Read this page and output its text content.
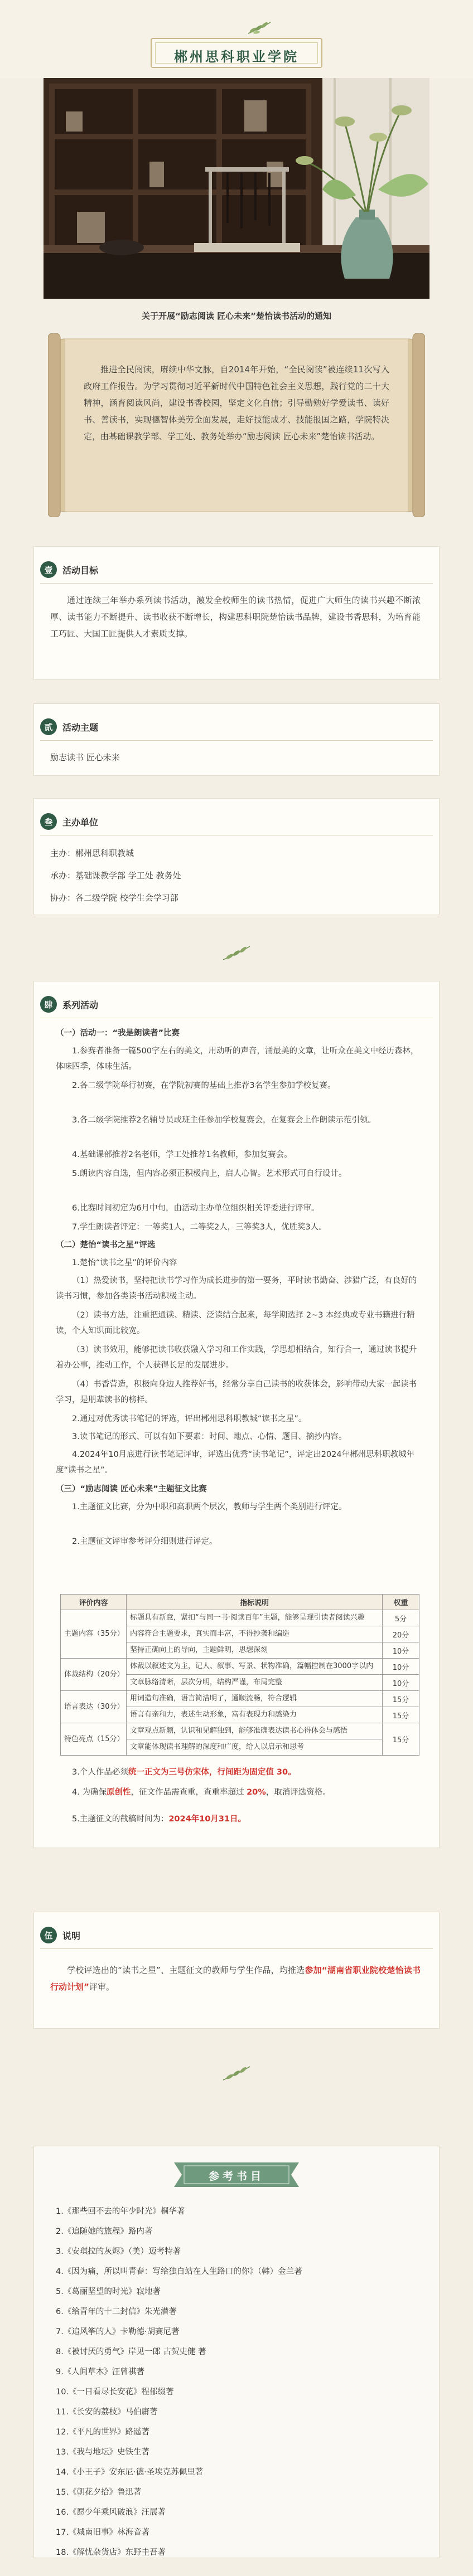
郴州思科职业学院
关于开展“励志阅读 匠心未来”楚怡读书活动的通知
推进全民阅读，赓续中华文脉，自2014年开始，“全民阅读”被连续11次写入政府工作报告。为学习贯彻习近平新时代中国特色社会主义思想，践行党的二十大精神，涵育阅读风尚，建设书香校园，坚定文化自信；引导勤勉好学爱读书、读好书、善读书，实现德智体美劳全面发展，走好技能成才、技能报国之路，学院特决定，由基础课教学部、学工处、教务处举办“励志阅读 匠心未来”楚怡读书活动。
壹	活动目标
通过连续三年举办系列读书活动，激发全校师生的读书热情，促进广大师生的读书兴趣不断浓厚、读书能力不断提升、读书收获不断增长，构建思科职院楚怡读书品牌，建设书香思科，为培育能工巧匠、大国工匠提供人才素质支撑。
贰	活动主题
励志读书 匠心未来
叁	主办单位
主办：郴州思科职教城
承办：基础课教学部 学工处 教务处
协办：各二级学院 校学生会学习部
肆	系列活动
（一）活动一：“我是朗读者”比赛
1.参赛者准备一篇500字左右的美文，用动听的声音，涌最美的文章，让听众在美文中经历森林，体味四季，体味生活。
2.各二级学院举行初赛，在学院初赛的基础上推荐3名学生参加学校复赛。
3.各二级学院推荐2名辅导员或班主任参加学校复赛会，在复赛会上作朗读示范引领。
4.基础课部推荐2名老师，学工处推荐1名教师，参加复赛会。
5.朗读内容自选，但内容必须正积极向上，启人心智。艺术形式可自行设计。
6.比赛时间初定为6月中旬，由活动主办单位组织相关评委进行评审。
7.学生朗读者评定：一等奖1人，二等奖2人，三等奖3人，优胜奖3人。
（二）楚怡“读书之星”评选
1.楚怡“读书之星”的评价内容
（1）热爱读书，坚持把读书学习作为成长进步的第一要务，平时读书勤奋、涉猎广泛，有良好的读书习惯，参加各类读书活动积极主动。
（2）读书方法，注重把通读、精读、泛读结合起来，每学期选择 2~3 本经典或专业书籍进行精读，个人知识面比较宽。
（3）读书效用，能够把读书收获融入学习和工作实践，学思想相结合，知行合一，通过读书提升着办公事，推动工作，个人获得长足的发展进步。
（4）书香营造，积极向身边人推荐好书，经常分享自己读书的收获体会，影响带动大家一起读书学习，是朋辈读书的榜样。
2.通过对优秀读书笔记的评选，评出郴州思科职教城“读书之星”。
3.读书笔记的形式、可以有如下要素：时间、地点、心情、题目、摘抄内容。
4.2024年10月底进行读书笔记评审，评选出优秀“读书笔记”，评定出2024年郴州思科职教城年度“读书之星”。
（三）“励志阅读 匠心未来”主题征文比赛
1.主题征文比赛，分为中职和高职两个层次，教师与学生两个类别进行评定。
2.主题征文评审参考评分细则进行评定。
评价内容	指标说明	权重
主题内容（35分）	标题具有新意，紧扣“与同一书·阅读百年”主题，能够呈现引读者阅读兴趣	5分
	内容符合主题要求，真实而丰富，不得抄袭和编造	20分
	坚持正确向上的导向，主题鲜明，思想深刻	10分
体裁结构（20分）	体裁以叙述文为主，记人、叙事、写景、状物准确，篇幅控制在3000字以内	10分
	文章脉络清晰，层次分明，结构严谨，布局完整	10分
语言表达（30分）	用词造句准确，语言简洁明了，通顺流畅，符合逻辑	15分
	语言有亲和力，表述生动形象，富有表现力和感染力	15分
特色亮点（15分）	文章观点新颖，认识和见解独到，能够准确表达读书心得体会与感悟	15分
	文章能体现读书理解的深度和广度，给人以启示和思考	
3.个人作品必须统一正文为三号仿宋体，行间距为固定值 30。
4. 为确保原创性，征文作品需查重，查重率超过 20%，取消评选资格。
5.主题征文的截稿时间为：2024年10月31日。
伍	说明
学校评选出的“读书之星”、主题征文的教师与学生作品，均推选参加“湖南省职业院校楚怡读书行动计划”评审。
参考书目
1.《那些回不去的年少时光》桐华著
2.《追随她的旅程》路内著
3.《安琪拉的灰烬》（美）迈考特著
4.《因为痛，所以叫青春：写给独自站在人生路口的你》（韩）金兰著
5.《葛丽坚望的时光》寂地著
6.《给青年的十二封信》朱光潜著
7.《追风筝的人》卡勒德·胡赛尼著
8.《被讨厌的勇气》岸见一郎 古贺史健 著
9.《人间草木》汪曾祺著
10.《一日看尽长安花》程郁缀著
11.《长安的荔枝》马伯庸著
12.《平凡的世界》路遥著
13.《我与地坛》史铁生著
14.《小王子》安东尼·德·圣埃克苏佩里著
15.《朝花夕拾》鲁迅著
16.《愿少年乘风破浪》汪展著
17.《城南旧事》林海音著
18.《解忧杂货店》东野圭吾著
